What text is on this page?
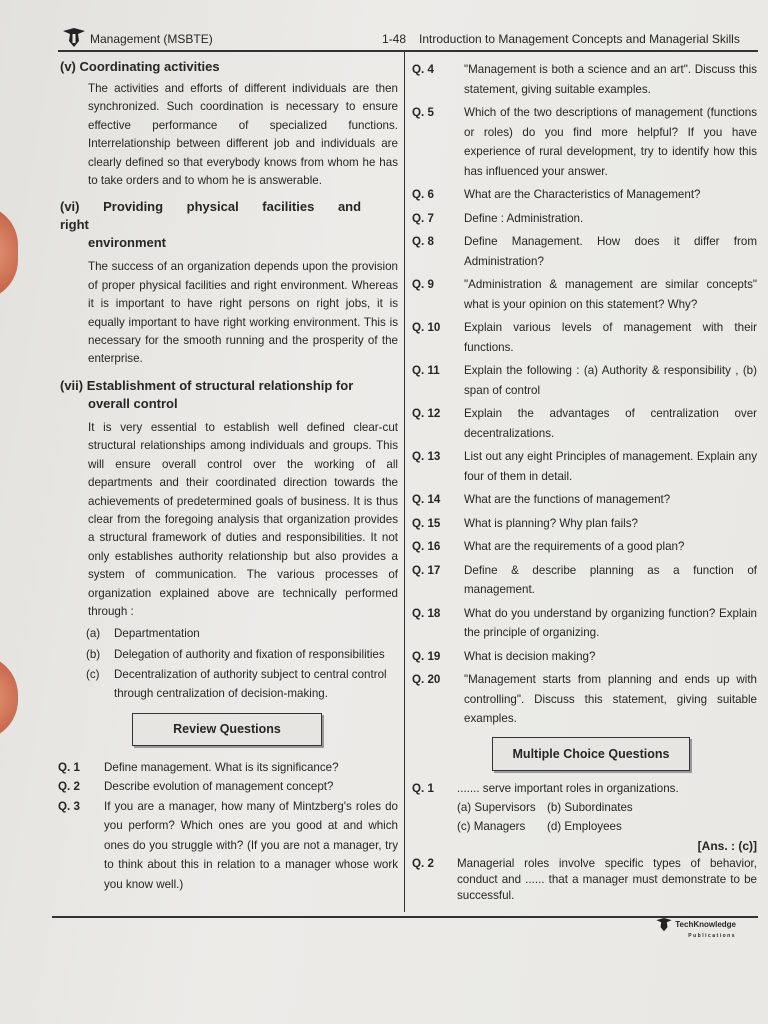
Management (MSBTE)	1-48 Introduction to Management Concepts and Managerial Skills
(v) Coordinating activities
The activities and efforts of different individuals are then synchronized. Such coordination is necessary to ensure effective performance of specialized functions. Interrelationship between different job and individuals are clearly defined so that everybody knows from whom he has to take orders and to whom he is answerable.
(vi) Providing physical facilities and right
environment
The success of an organization depends upon the provision of proper physical facilities and right environment. Whereas it is important to have right persons on right jobs, it is equally important to have right working environment. This is necessary for the smooth running and the prosperity of the enterprise.
(vii) Establishment of structural relationship for
overall control
It is very essential to establish well defined clear-cut structural relationships among individuals and groups. This will ensure overall control over the working of all departments and their coordinated direction towards the achievements of predetermined goals of business. It is thus clear from the foregoing analysis that organization provides a structural framework of duties and responsibilities. It not only establishes authority relationship but also provides a system of communication. The various processes of organization explained above are technically performed through :
(a)	Departmentation
(b)	Delegation of authority and fixation of responsibilities
(c)	Decentralization of authority subject to central control through centralization of decision-making.
Review Questions
Q. 1	Define management. What is its significance?
Q. 2	Describe evolution of management concept?
Q. 3	If you are a manager, how many of Mintzberg's roles do you perform? Which ones are you good at and which ones do you struggle with? (If you are not a manager, try to think about this in relation to a manager whose work you know well.)
Q. 4	"Management is both a science and an art". Discuss this statement, giving suitable examples.
Q. 5	Which of the two descriptions of management (functions or roles) do you find more helpful? If you have experience of rural development, try to identify how this has influenced your answer.
Q. 6	What are the Characteristics of Management?
Q. 7	Define : Administration.
Q. 8	Define Management. How does it differ from Administration?
Q. 9	"Administration & management are similar concepts" what is your opinion on this statement? Why?
Q. 10	Explain various levels of management with their functions.
Q. 11	Explain the following : (a) Authority & responsibility , (b) span of control
Q. 12	Explain the advantages of centralization over decentralizations.
Q. 13	List out any eight Principles of management. Explain any four of them in detail.
Q. 14	What are the functions of management?
Q. 15	What is planning? Why plan fails?
Q. 16	What are the requirements of a good plan?
Q. 17	Define & describe planning as a function of management.
Q. 18	What do you understand by organizing function? Explain the principle of organizing.
Q. 19	What is decision making?
Q. 20	"Management starts from planning and ends up with controlling". Discuss this statement, giving suitable examples.
Multiple Choice Questions
Q. 1	....... serve important roles in organizations.
(a) Supervisors (b) Subordinates
(c) Managers	(d) Employees
[Ans. : (c)]
Q. 2	Managerial roles involve specific types of behavior, conduct and ...... that a manager must demonstrate to be successful.
TechKnowledge
Publications
